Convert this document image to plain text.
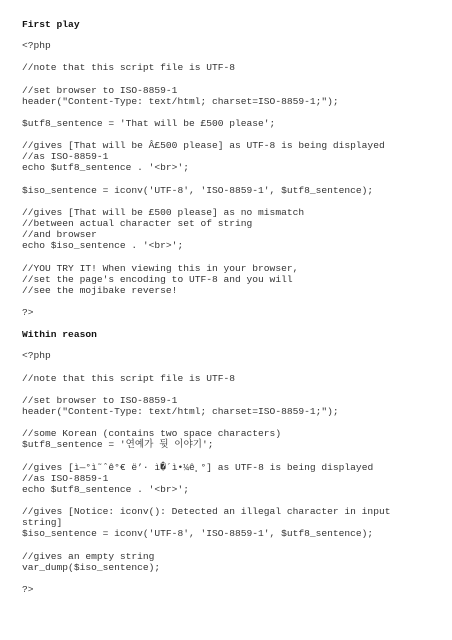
First play

<?php
//note that this script file is UTF-8
//set browser to ISO-8859-1
header("Content-Type: text/html; charset=ISO-8859-1;");
$utf8_sentence = 'That will be £500 please';
//gives [That will be Â£500 please] as UTF-8 is being displayed
//as ISO-8859-1
echo $utf8_sentence . '<br>';
$iso_sentence = iconv('UTF-8', 'ISO-8859-1', $utf8_sentence);
//gives [That will be £500 please] as no mismatch
//between actual character set of string
//and browser
echo $iso_sentence . '<br>';
//YOU TRY IT! When viewing this in your browser,
//set the page's encoding to UTF-8 and you will
//see the mojibake reverse!
?>

Within reason

<?php
//note that this script file is UTF-8
//set browser to ISO-8859-1
header("Content-Type: text/html; charset=ISO-8859-1;");
//some Korean (contains two space characters)
$utf8_sentence = '연예가 뒷 이야기';
//gives [ì—°ì˜ˆê°€ ë’· ì�´ì•¼ê¸°] as UTF-8 is being displayed
//as ISO-8859-1
echo $utf8_sentence . '<br>';
//gives [Notice: iconv(): Detected an illegal character in input
string]
$iso_sentence = iconv('UTF-8', 'ISO-8859-1', $utf8_sentence);
//gives an empty string
var_dump($iso_sentence);
?>
